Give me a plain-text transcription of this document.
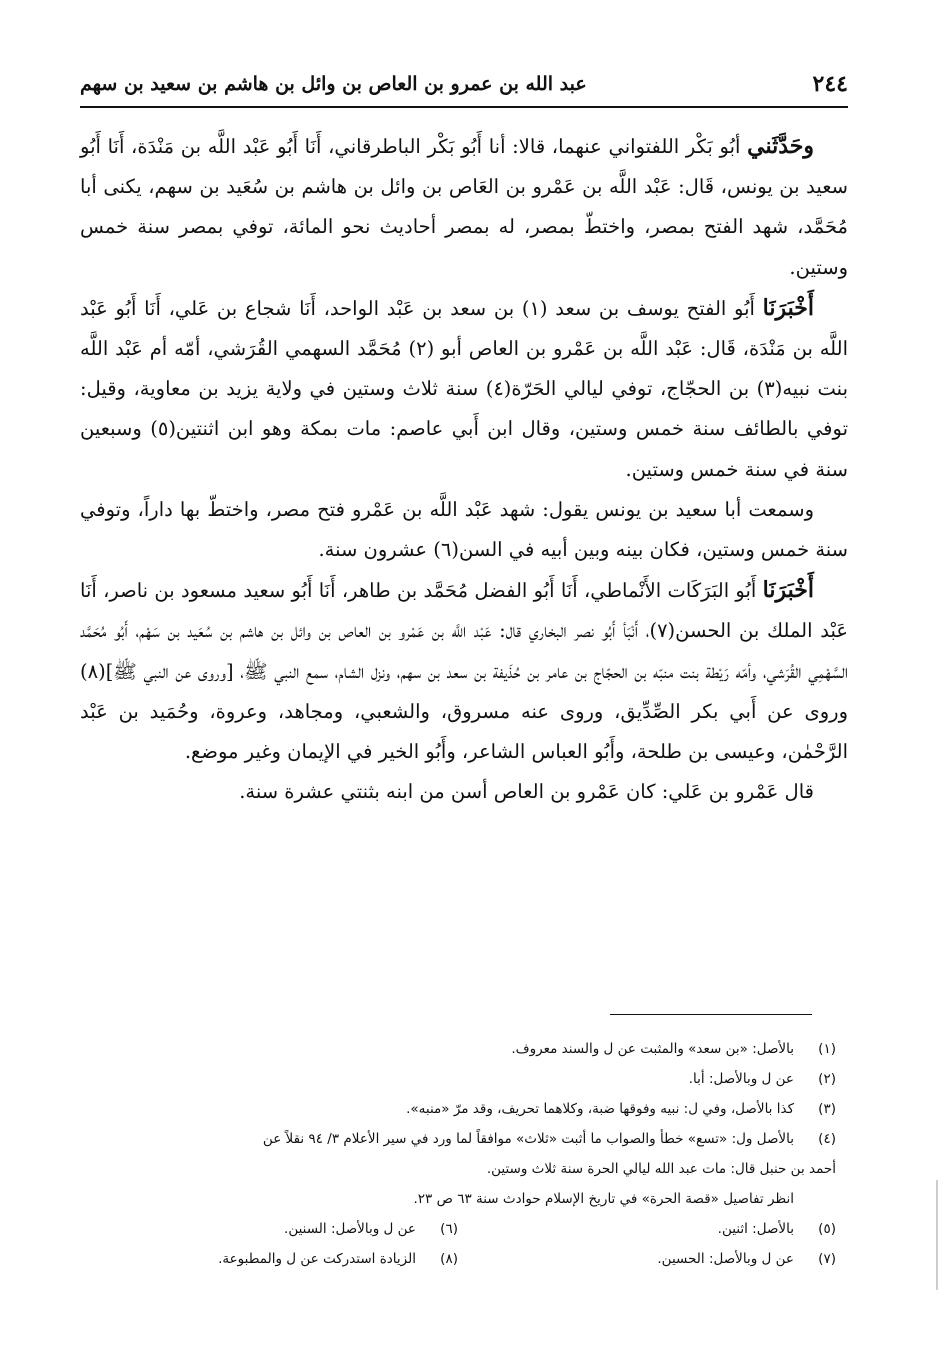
٢٤٤
عبد الله بن عمرو بن العاص بن وائل بن هاشم بن سعيد بن سهم

وحَدَّثَني أبُو بَكْر اللفتواني عنهما، قالا: أنا أَبُو بَكْر الباطرقاني، أَنَا أَبُو عَبْد اللَّه بن مَنْدَة، أَنَا أَبُو سعيد بن يونس، قَال: عَبْد اللَّه بن عَمْرو بن العَاص بن وائل بن هاشم بن سُعَيد بن سهم، يكنى أبا مُحَمَّد، شهد الفتح بمصر، واختطّ بمصر، له بمصر أحاديث نحو المائة، توفي بمصر سنة خمس وستين.

أَخْبَرَنَا أَبُو الفتح يوسف بن سعد (١) بن سعد بن عَبْد الواحد، أَنَا شجاع بن عَلي، أَنَا أَبُو عَبْد اللَّه بن مَنْدَة، قَال: عَبْد اللَّه بن عَمْرو بن العاص أبو (٢) مُحَمَّد السهمي القُرَشي، أمّه أم عَبْد اللَّه بنت نبيه(٣) بن الحجّاج، توفي ليالي الحَرّة(٤) سنة ثلاث وستين في ولاية يزيد بن معاوية، وقيل: توفي بالطائف سنة خمس وستين، وقال ابن أَبي عاصم: مات بمكة وهو ابن اثنتين(٥) وسبعين سنة في سنة خمس وستين.

وسمعت أبا سعيد بن يونس يقول: شهد عَبْد اللَّه بن عَمْرو فتح مصر، واختطّ بها داراً، وتوفي سنة خمس وستين، فكان بينه وبين أبيه في السن(٦) عشرون سنة.

أَخْبَرَنَا أَبُو البَرَكَات الأَنْماطي، أَنَا أَبُو الفضل مُحَمَّد بن طاهر، أَنَا أَبُو سعيد مسعود بن ناصر، أَنَا عَبْد الملك بن الحسن(٧)، أَنْبَأ أَبُو نصر البخاري قال: عَبْد اللَّه بن عَمْرو بن العاص بن وائل بن هاشم بن سُعَيد بن سَهْم، أَبُو مُحَمَّد السَّهْمِي القُرَشي، وأمّه رَيْطة بنت منبّه بن الحجّاج بن عامر بن حُذَيفة بن سعد بن سهم، ونزل الشام، سمع النبي ﷺ، [وروى عن النبي ﷺ](٨) وروى عن أَبي بكر الصِّدِّيق، وروى عنه مسروق، والشعبي، ومجاهد، وعروة، وحُمَيد بن عَبْد الرَّحْمٰن، وعيسى بن طلحة، وأَبُو العباس الشاعر، وأَبُو الخير في الإيمان وغير موضع.

قال عَمْرو بن عَلي: كان عَمْرو بن العاص أسن من ابنه بثنتي عشرة سنة.

(١)
بالأصل: «بن سعد» والمثبت عن ل والسند معروف.
(٢)
عن ل وبالأصل: أبا.
(٣)
كذا بالأصل، وفي ل: نبيه وفوقها ضبة، وكلاهما تحريف، وقد مرّ «منبه».
(٤)
بالأصل ول: «تسع» خطأ والصواب ما أثبت «ثلاث» موافقاً لما ورد في سير الأعلام ٣/ ٩٤ نقلاً عن
أحمد بن حنبل قال: مات عبد الله ليالي الحرة سنة ثلاث وستين.
انظر تفاصيل «قصة الحرة» في تاريخ الإسلام حوادث سنة ٦٣ ص ٢٣.
(٥)
بالأصل: اثنين.
(٦)
عن ل وبالأصل: السنين.
(٧)
عن ل وبالأصل: الحسين.
(٨)
الزيادة استدركت عن ل والمطبوعة.
